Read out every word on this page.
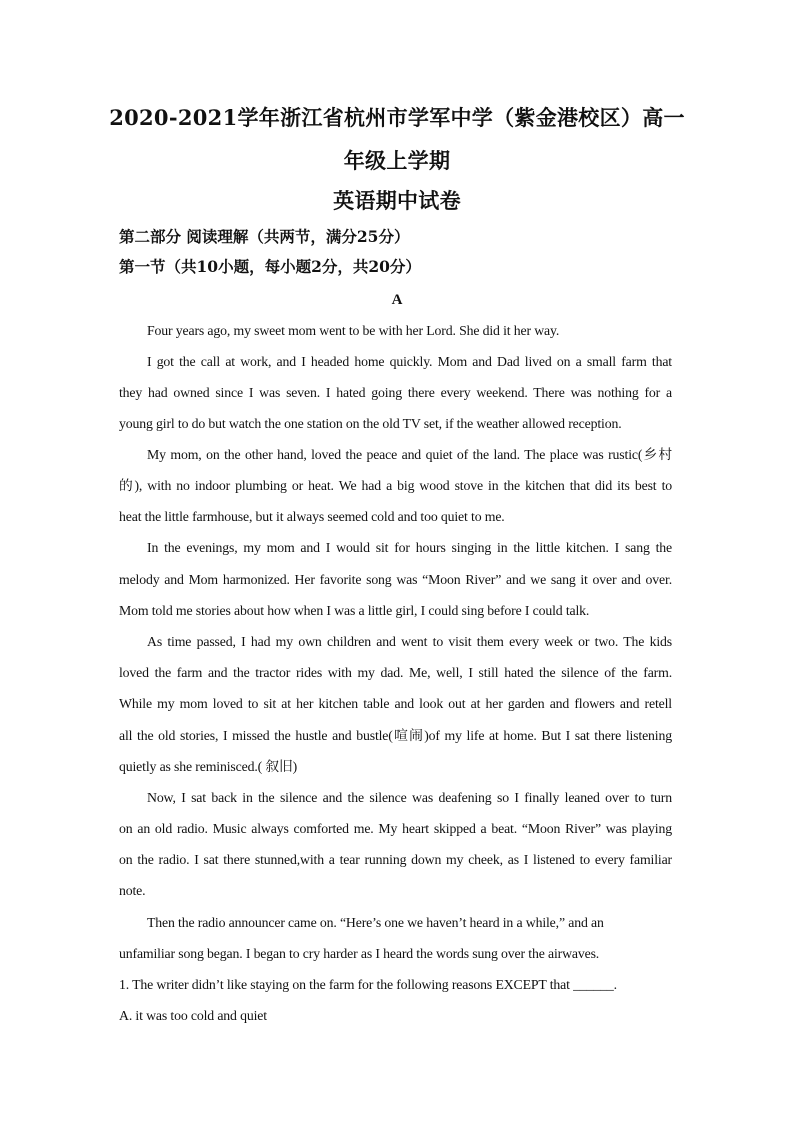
2020-2021学年浙江省杭州市学军中学（紫金港校区）高一
年级上学期
英语期中试卷
第二部分 阅读理解（共两节，满分25分）
第一节（共10小题，每小题2分，共20分）
A
Four years ago, my sweet mom went to be with her Lord. She did it her way.
I got the call at work, and I headed home quickly. Mom and Dad lived on a small farm that
they had owned since I was seven. I hated going there every weekend. There was nothing for a
young girl to do but watch the one station on the old TV set, if the weather allowed reception.
My mom, on the other hand, loved the peace and quiet of the land. The place was rustic(乡村
的), with no indoor plumbing or heat. We had a big wood stove in the kitchen that did its best to
heat the little farmhouse, but it always seemed cold and too quiet to me.
In the evenings, my mom and I would sit for hours singing in the little kitchen. I sang the
melody and Mom harmonized. Her favorite song was “Moon River” and we sang it over and over.
Mom told me stories about how when I was a little girl, I could sing before I could talk.
As time passed, I had my own children and went to visit them every week or two. The kids
loved the farm and the tractor rides with my dad. Me, well, I still hated the silence of the farm.
While my mom loved to sit at her kitchen table and look out at her garden and flowers and retell
all the old stories, I missed the hustle and bustle(喧闹)of my life at home. But I sat there listening
quietly as she reminisced.( 叙旧)
Now, I sat back in the silence and the silence was deafening so I finally leaned over to turn
on an old radio. Music always comforted me. My heart skipped a beat. “Moon River” was playing
on the radio. I sat there stunned,with a tear running down my cheek, as I listened to every familiar
note.
Then the radio announcer came on. “Here’s one we haven’t heard in a while,” and an
unfamiliar song began. I began to cry harder as I heard the words sung over the airwaves.
1. The writer didn’t like staying on the farm for the following reasons EXCEPT that ______.
A. it was too cold and quiet
